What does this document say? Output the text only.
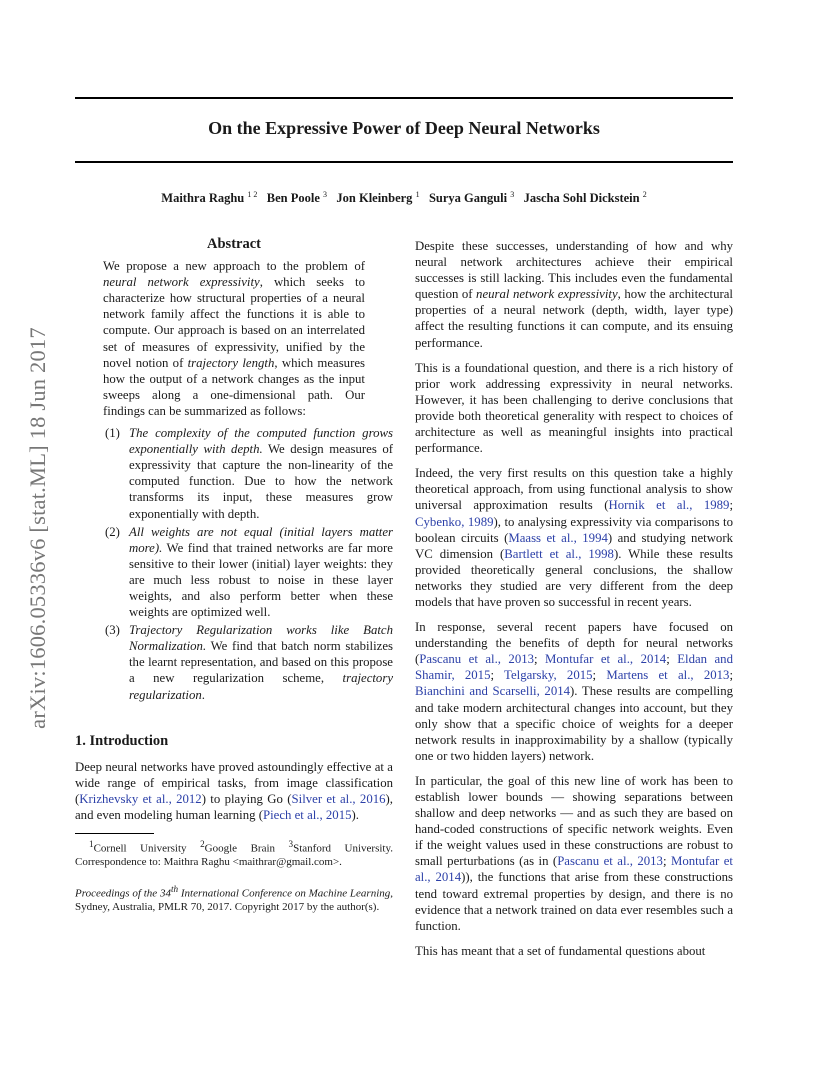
On the Expressive Power of Deep Neural Networks
Maithra Raghu $^{1 2}$ Ben Poole $^3$ Jon Kleinberg $^1$ Surya Ganguli $^3$ Jascha Sohl Dickstein $^2$
arXiv:1606.05336v6 [stat.ML] 18 Jun 2017
Abstract

We propose a new approach to the problem of neural network expressivity, which seeks to characterize how structural properties of a neural network family affect the functions it is able to compute. Our approach is based on an interrelated set of measures of expressivity, unified by the novel notion of trajectory length, which measures how the output of a network changes as the input sweeps along a one-dimensional path. Our findings can be summarized as follows:

(1) The complexity of the computed function grows exponentially with depth. We design measures of expressivity that capture the non-linearity of the computed function. Due to how the network transforms its input, these measures grow exponentially with depth.
(2) All weights are not equal (initial layers matter more). We find that trained networks are far more sensitive to their lower (initial) layer weights: they are much less robust to noise in these layer weights, and also perform better when these weights are optimized well.
(3) Trajectory Regularization works like Batch Normalization. We find that batch norm stabilizes the learnt representation, and based on this propose a new regularization scheme, trajectory regularization.
1. Introduction

Deep neural networks have proved astoundingly effective at a wide range of empirical tasks, from image classification (Krizhevsky et al., 2012) to playing Go (Silver et al., 2016), and even modeling human learning (Piech et al., 2015).

$^1$Cornell University $^2$Google Brain $^3$Stanford University. Correspondence to: Maithra Raghu <maithrar@gmail.com>.

Proceedings of the 34th International Conference on Machine Learning, Sydney, Australia, PMLR 70, 2017. Copyright 2017 by the author(s).

Despite these successes, understanding of how and why neural network architectures achieve their empirical successes is still lacking. This includes even the fundamental question of neural network expressivity, how the architectural properties of a neural network (depth, width, layer type) affect the resulting functions it can compute, and its ensuing performance.

This is a foundational question, and there is a rich history of prior work addressing expressivity in neural networks. However, it has been challenging to derive conclusions that provide both theoretical generality with respect to choices of architecture as well as meaningful insights into practical performance.

Indeed, the very first results on this question take a highly theoretical approach, from using functional analysis to show universal approximation results (Hornik et al., 1989; Cybenko, 1989), to analysing expressivity via comparisons to boolean circuits (Maass et al., 1994) and studying network VC dimension (Bartlett et al., 1998). While these results provided theoretically general conclusions, the shallow networks they studied are very different from the deep models that have proven so successful in recent years.

In response, several recent papers have focused on understanding the benefits of depth for neural networks (Pascanu et al., 2013; Montufar et al., 2014; Eldan and Shamir, 2015; Telgarsky, 2015; Martens et al., 2013; Bianchini and Scarselli, 2014). These results are compelling and take modern architectural changes into account, but they only show that a specific choice of weights for a deeper network results in inapproximability by a shallow (typically one or two hidden layers) network.

In particular, the goal of this new line of work has been to establish lower bounds — showing separations between shallow and deep networks — and as such they are based on hand-coded constructions of specific network weights. Even if the weight values used in these constructions are robust to small perturbations (as in (Pascanu et al., 2013; Montufar et al., 2014)), the functions that arise from these constructions tend toward extremal properties by design, and there is no evidence that a network trained on data ever resembles such a function.

This has meant that a set of fundamental questions about
